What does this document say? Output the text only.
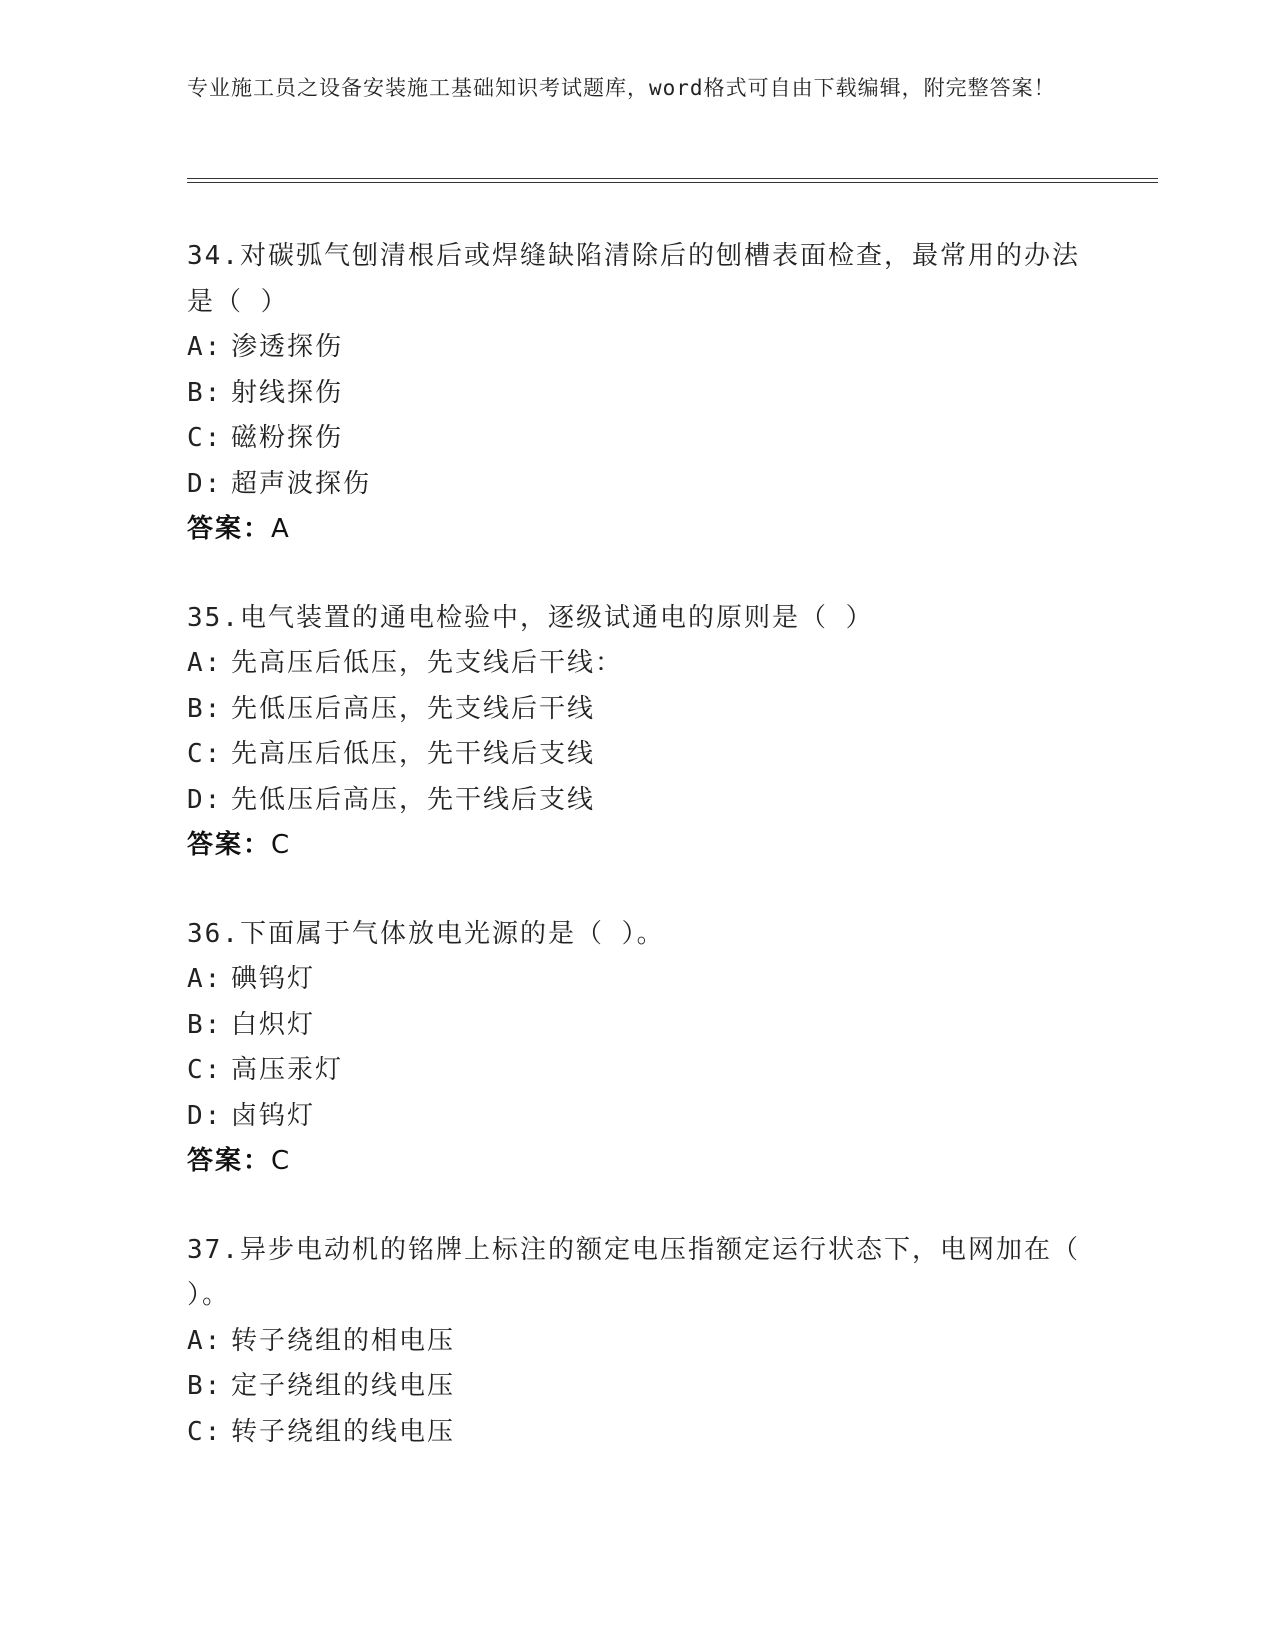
专业施工员之设备安装施工基础知识考试题库，word格式可自由下载编辑，附完整答案！
34.对碳弧气刨清根后或焊缝缺陷清除后的刨槽表面检查，最常用的办法是（ ）
A: 渗透探伤
B: 射线探伤
C: 磁粉探伤
D: 超声波探伤
答案：A
35.电气装置的通电检验中，逐级试通电的原则是（ ）
A: 先高压后低压，先支线后干线：
B: 先低压后高压，先支线后干线
C: 先高压后低压，先干线后支线
D: 先低压后高压，先干线后支线
答案：C
36.下面属于气体放电光源的是（ ）。
A: 碘钨灯
B: 白炽灯
C: 高压汞灯
D: 卤钨灯
答案：C
37.异步电动机的铭牌上标注的额定电压指额定运行状态下，电网加在（ ）。
A: 转子绕组的相电压
B: 定子绕组的线电压
C: 转子绕组的线电压
